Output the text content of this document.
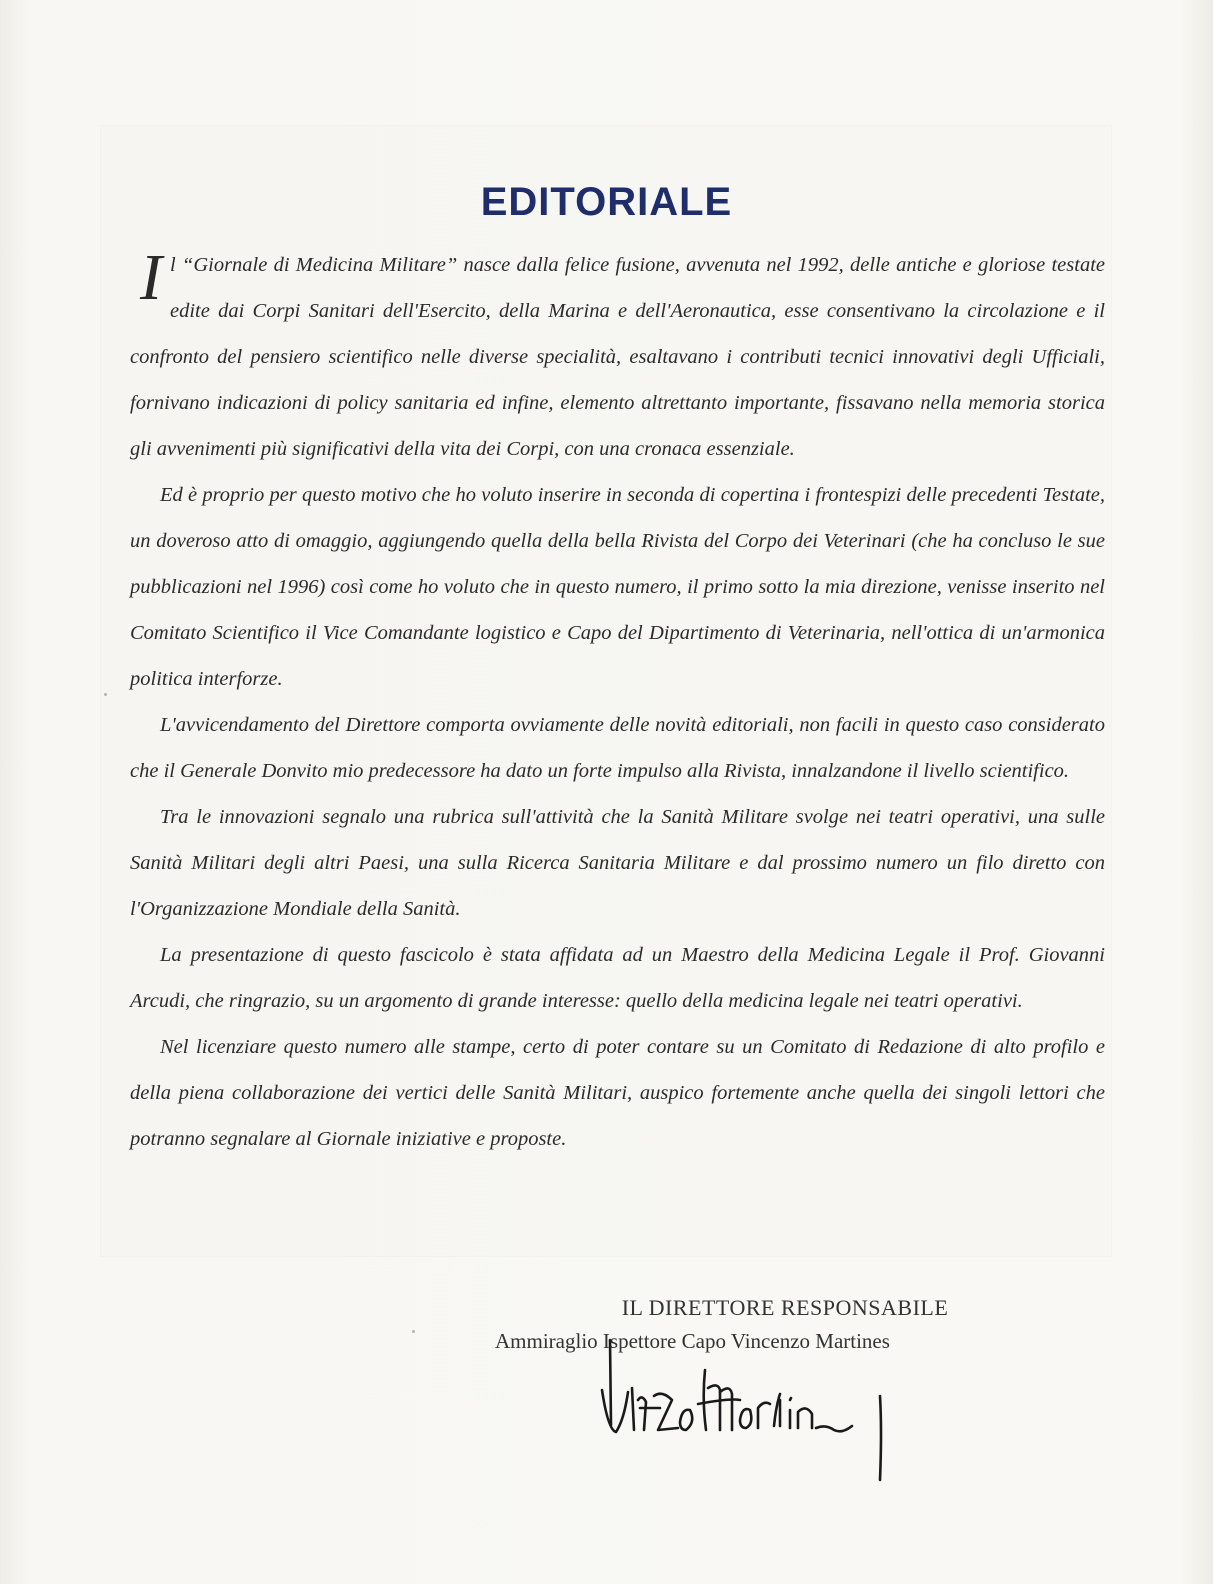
EDITORIALE

Il “Giornale di Medicina Militare” nasce dalla felice fusione, avvenuta nel 1992, delle antiche e gloriose testate edite dai Corpi Sanitari dell'Esercito, della Marina e dell'Aeronautica, esse consentivano la circolazione e il confronto del pensiero scientifico nelle diverse specialità, esaltavano i contributi tecnici innovativi degli Ufficiali, fornivano indicazioni di policy sanitaria ed infine, elemento altrettanto importante, fissavano nella memoria storica gli avvenimenti più significativi della vita dei Corpi, con una cronaca essenziale.

Ed è proprio per questo motivo che ho voluto inserire in seconda di copertina i frontespizi delle precedenti Testate, un doveroso atto di omaggio, aggiungendo quella della bella Rivista del Corpo dei Veterinari (che ha concluso le sue pubblicazioni nel 1996) così come ho voluto che in questo numero, il primo sotto la mia direzione, venisse inserito nel Comitato Scientifico il Vice Comandante logistico e Capo del Dipartimento di Veterinaria, nell'ottica di un'armonica politica interforze.

L'avvicendamento del Direttore comporta ovviamente delle novità editoriali, non facili in questo caso considerato che il Generale Donvito mio predecessore ha dato un forte impulso alla Rivista, innalzandone il livello scientifico.

Tra le innovazioni segnalo una rubrica sull'attività che la Sanità Militare svolge nei teatri operativi, una sulle Sanità Militari degli altri Paesi, una sulla Ricerca Sanitaria Militare e dal prossimo numero un filo diretto con l'Organizzazione Mondiale della Sanità.

La presentazione di questo fascicolo è stata affidata ad un Maestro della Medicina Legale il Prof. Giovanni Arcudi, che ringrazio, su un argomento di grande interesse: quello della medicina legale nei teatri operativi.

Nel licenziare questo numero alle stampe, certo di poter contare su un Comitato di Redazione di alto profilo e della piena collaborazione dei vertici delle Sanità Militari, auspico fortemente anche quella dei singoli lettori che potranno segnalare al Giornale iniziative e proposte.

IL DIRETTORE RESPONSABILE
Ammiraglio Ispettore Capo Vincenzo Martines
